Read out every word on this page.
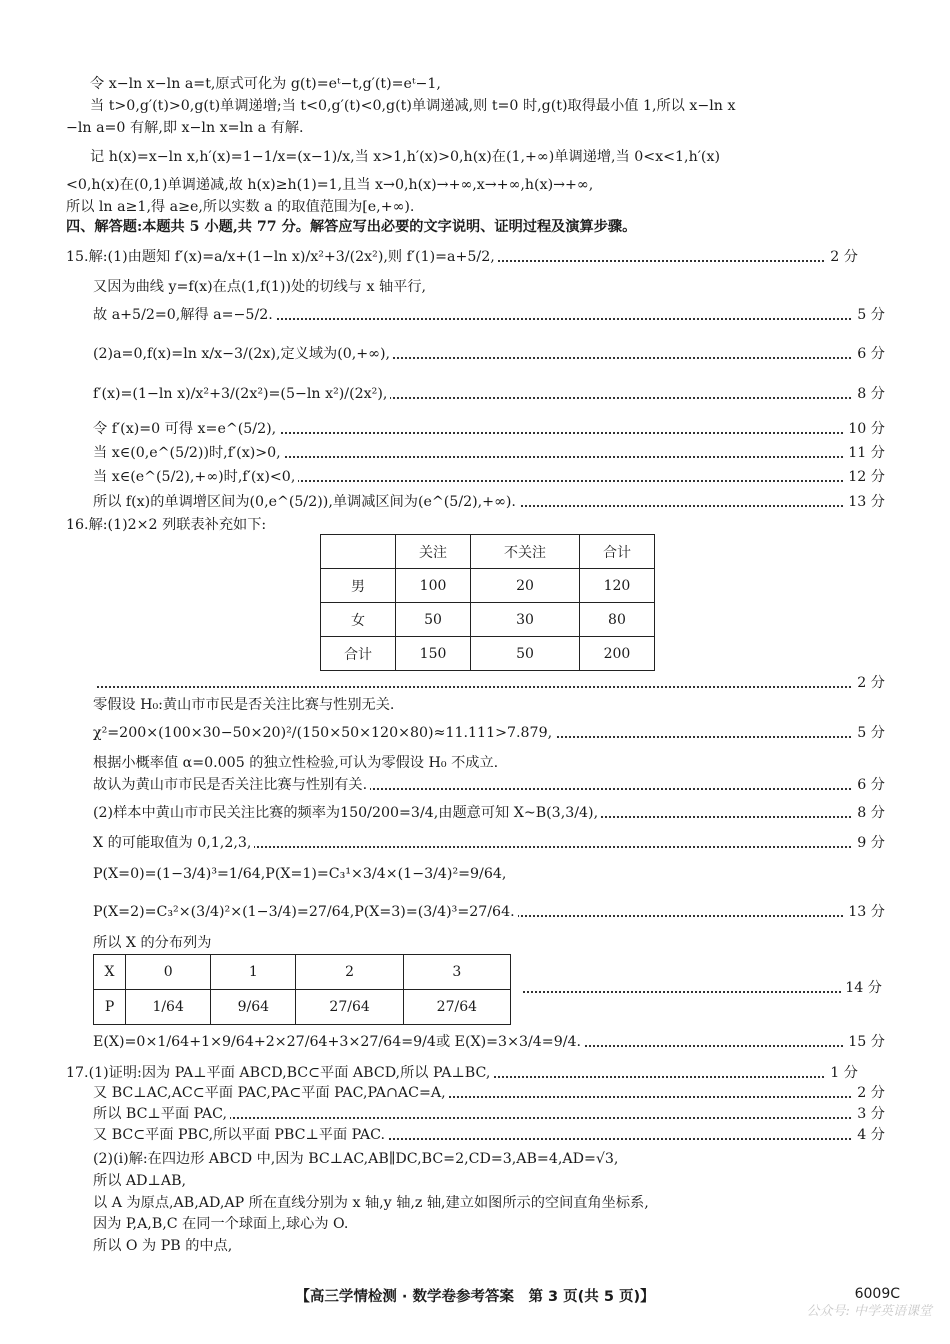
令 x−ln x−ln a=t,原式可化为 g(t)=eᵗ−t,g′(t)=eᵗ−1,
当 t>0,g′(t)>0,g(t)单调递增;当 t<0,g′(t)<0,g(t)单调递减,则 t=0 时,g(t)取得最小值 1,所以 x−ln x
−ln a=0 有解,即 x−ln x=ln a 有解.
记 h(x)=x−ln x,h′(x)=1−1/x=(x−1)/x,当 x>1,h′(x)>0,h(x)在(1,+∞)单调递增,当 0<x<1,h′(x)
<0,h(x)在(0,1)单调递减,故 h(x)≥h(1)=1,且当 x→0,h(x)→+∞,x→+∞,h(x)→+∞,
所以 ln a≥1,得 a≥e,所以实数 a 的取值范围为[e,+∞).
四、解答题:本题共 5 小题,共 77 分。解答应写出必要的文字说明、证明过程及演算步骤。
15.解:(1)由题知 f′(x)=a/x+(1−ln x)/x²+3/(2x²),则 f′(1)=a+5/2,	2 分
又因为曲线 y=f(x)在点(1,f(1))处的切线与 x 轴平行,
故 a+5/2=0,解得 a=−5/2.	5 分
(2)a=0,f(x)=ln x/x−3/(2x),定义域为(0,+∞),	6 分
f′(x)=(1−ln x)/x²+3/(2x²)=(5−ln x²)/(2x²),	8 分
令 f′(x)=0 可得 x=e^(5/2),	10 分
当 x∈(0,e^(5/2))时,f′(x)>0,	11 分
当 x∈(e^(5/2),+∞)时,f′(x)<0,	12 分
所以 f(x)的单调增区间为(0,e^(5/2)),单调减区间为(e^(5/2),+∞).	13 分
16.解:(1)2×2 列联表补充如下:
	关注	不关注	合计
男	100	20	120
女	50	30	80
合计	150	50	200
2 分
零假设 H₀:黄山市市民是否关注比赛与性别无关.
χ²=200×(100×30−50×20)²/(150×50×120×80)≈11.111>7.879,	5 分
根据小概率值 α=0.005 的独立性检验,可认为零假设 H₀ 不成立.
故认为黄山市市民是否关注比赛与性别有关.	6 分
(2)样本中黄山市市民关注比赛的频率为150/200=3/4,由题意可知 X~B(3,3/4),	8 分
X 的可能取值为 0,1,2,3,	9 分
P(X=0)=(1−3/4)³=1/64,P(X=1)=C₃¹×3/4×(1−3/4)²=9/64,
P(X=2)=C₃²×(3/4)²×(1−3/4)=27/64,P(X=3)=(3/4)³=27/64.	13 分
所以 X 的分布列为
X	0	1	2	3
P	1/64	9/64	27/64	27/64
14 分
E(X)=0×1/64+1×9/64+2×27/64+3×27/64=9/4或 E(X)=3×3/4=9/4.	15 分
17.(1)证明:因为 PA⊥平面 ABCD,BC⊂平面 ABCD,所以 PA⊥BC,	1 分
又 BC⊥AC,AC⊂平面 PAC,PA⊂平面 PAC,PA∩AC=A,	2 分
所以 BC⊥平面 PAC,	3 分
又 BC⊂平面 PBC,所以平面 PBC⊥平面 PAC.	4 分
(2)(i)解:在四边形 ABCD 中,因为 BC⊥AC,AB∥DC,BC=2,CD=3,AB=4,AD=√3,
所以 AD⊥AB,
以 A 为原点,AB,AD,AP 所在直线分别为 x 轴,y 轴,z 轴,建立如图所示的空间直角坐标系,
因为 P,A,B,C 在同一个球面上,球心为 O.
所以 O 为 PB 的中点,
【高三学情检测 · 数学卷参考答案　第 3 页(共 5 页)】	6009C
公众号: 中学英语课堂
